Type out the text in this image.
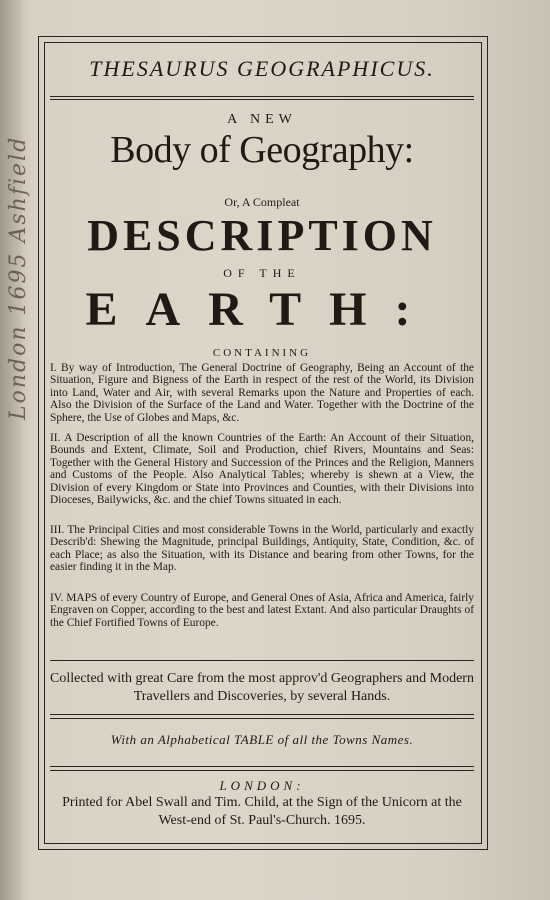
London 1695 Ashfield
THESAURUS GEOGRAPHICUS.
A NEW
Body of Geography:
Or, A Compleat
DESCRIPTION
OF THE
EARTH:
CONTAINING
I. By way of Introduction, The General Doctrine of Geography, Being an Account of the Situation, Figure and Bigness of the Earth in respect of the rest of the World, its Division into Land, Water and Air, with several Remarks upon the Nature and Properties of each. Also the Division of the Surface of the Land and Water. Together with the Doctrine of the Sphere, the Use of Globes and Maps, &c.
II. A Description of all the known Countries of the Earth: An Account of their Situation, Bounds and Extent, Climate, Soil and Production, chief Rivers, Mountains and Seas: Together with the General History and Succession of the Princes and the Religion, Manners and Customs of the People. Also Analytical Tables; whereby is shewn at a View, the Division of every Kingdom or State into Provinces and Counties, with their Divisions into Dioceses, Bailywicks, &c. and the chief Towns situated in each.
III. The Principal Cities and most considerable Towns in the World, particularly and exactly Describ'd: Shewing the Magnitude, principal Buildings, Antiquity, State, Condition, &c. of each Place; as also the Situation, with its Distance and bearing from other Towns, for the easier finding it in the Map.
IV. MAPS of every Country of Europe, and General Ones of Asia, Africa and America, fairly Engraven on Copper, according to the best and latest Extant. And also particular Draughts of the Chief Fortified Towns of Europe.
Collected with great Care from the most approv'd Geographers and Modern Travellers and Discoveries, by several Hands.
With an Alphabetical TABLE of all the Towns Names.
LONDON:
Printed for Abel Swall and Tim. Child, at the Sign of the Unicorn at the West-end of St. Paul's-Church. 1695.
